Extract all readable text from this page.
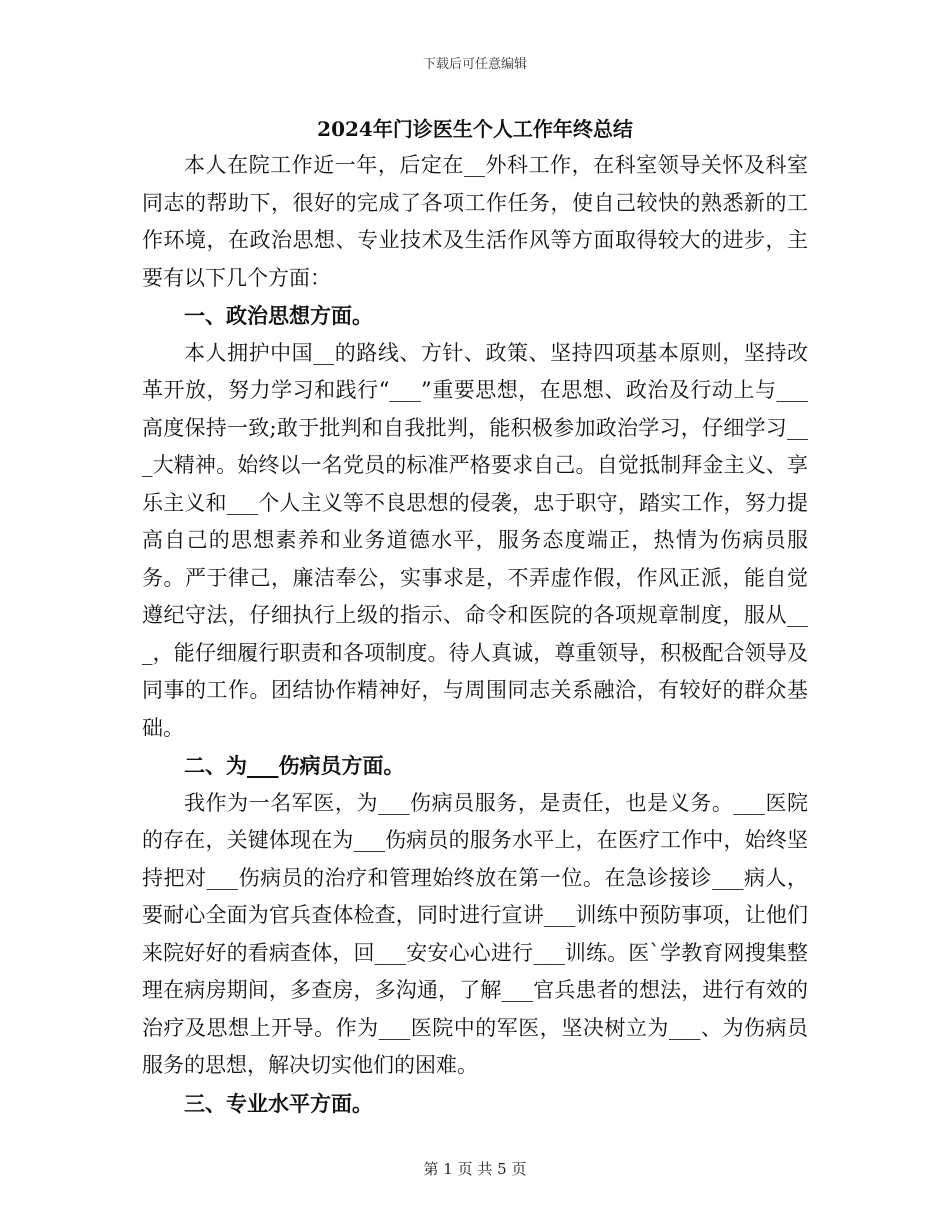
下载后可任意编辑
2024年门诊医生个人工作年终总结

本人在院工作近一年，后定在__外科工作，在科室领导关怀及科室同志的帮助下，很好的完成了各项工作任务，使自己较快的熟悉新的工作环境，在政治思想、专业技术及生活作风等方面取得较大的进步，主要有以下几个方面：

一、政治思想方面。

本人拥护中国__的路线、方针、政策、坚持四项基本原则，坚持改革开放，努力学习和践行“___”重要思想，在思想、政治及行动上与___高度保持一致;敢于批判和自我批判，能积极参加政治学习，仔细学习___大精神。始终以一名党员的标准严格要求自己。自觉抵制拜金主义、享乐主义和___个人主义等不良思想的侵袭，忠于职守，踏实工作，努力提高自己的思想素养和业务道德水平，服务态度端正，热情为伤病员服务。严于律己，廉洁奉公，实事求是，不弄虚作假，作风正派，能自觉遵纪守法，仔细执行上级的指示、命令和医院的各项规章制度，服从___，能仔细履行职责和各项制度。待人真诚，尊重领导，积极配合领导及同事的工作。团结协作精神好，与周围同志关系融洽，有较好的群众基础。

二、为___伤病员方面。

我作为一名军医，为___伤病员服务，是责任，也是义务。___医院的存在，关键体现在为___伤病员的服务水平上，在医疗工作中，始终坚持把对___伤病员的治疗和管理始终放在第一位。在急诊接诊___病人，要耐心全面为官兵查体检查，同时进行宣讲___训练中预防事项，让他们来院好好的看病查体，回___安安心心进行___训练。医`学教育网搜集整理在病房期间，多查房，多沟通，了解___官兵患者的想法，进行有效的治疗及思想上开导。作为___医院中的军医，坚决树立为___、为伤病员服务的思想，解决切实他们的困难。

三、专业水平方面。

第 1 页 共 5 页
